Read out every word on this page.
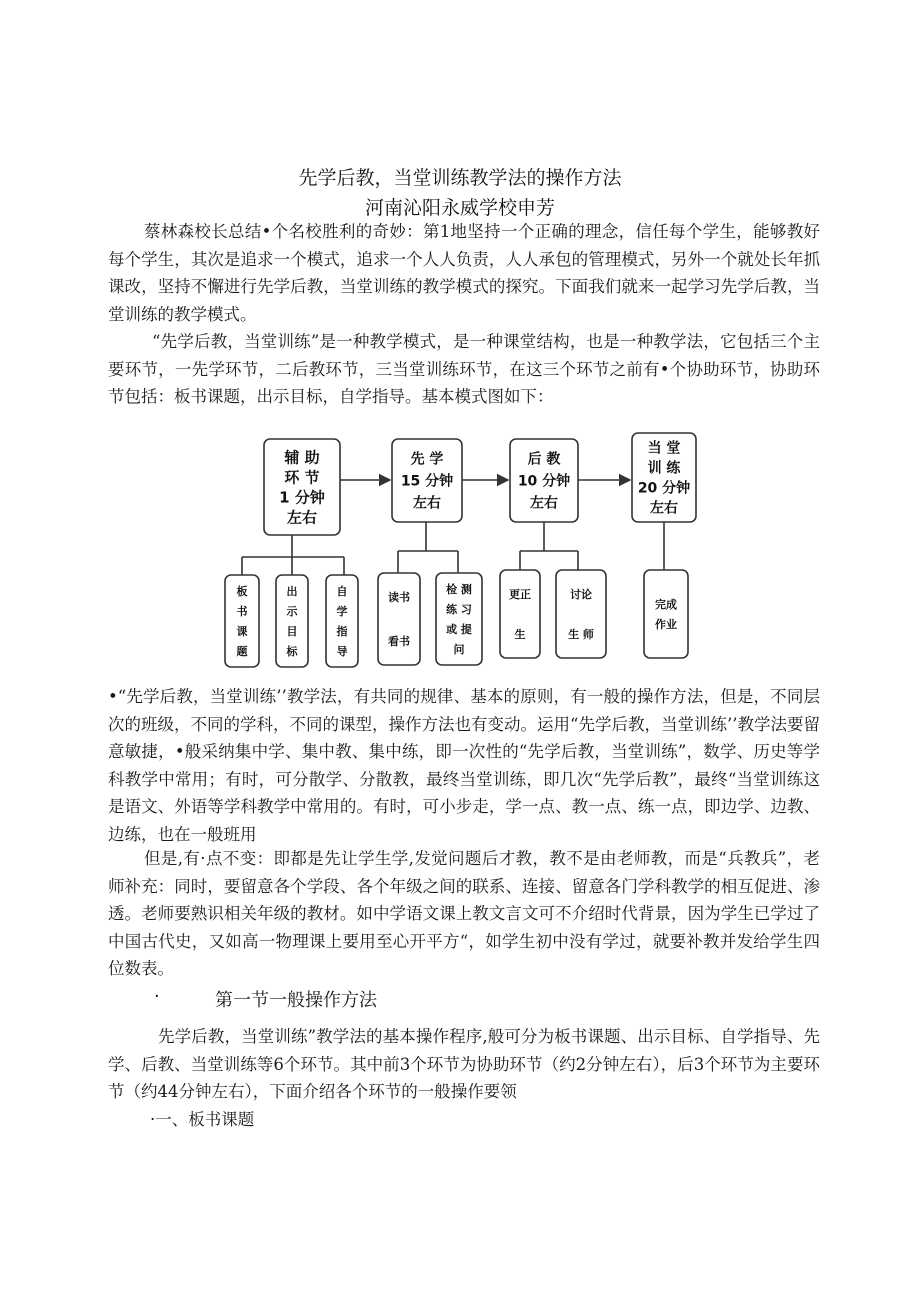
先学后教，当堂训练教学法的操作方法
河南沁阳永威学校申芳

蔡林森校长总结•个名校胜利的奇妙：第1地坚持一个正确的理念，信任每个学生，能够教好每个学生，其次是追求一个模式，追求一个人人负责，人人承包的管理模式，另外一个就处长年抓课改，坚持不懈进行先学后教，当堂训练的教学模式的探究。下面我们就来一起学习先学后教，当堂训练的教学模式。

“先学后教，当堂训练”是一种教学模式，是一种课堂结构，也是一种教学法，它包括三个主要环节，一先学环节，二后教环节，三当堂训练环节，在这三个环节之前有•个协助环节，协助环节包括：板书课题，出示目标，自学指导。基本模式图如下：

辅 助
环 节
1 分钟
左右
先 学
15 分钟
左右
后 教
10 分钟
左右
当 堂
训 练
20 分钟
左右
板
书
课
题
出
示
目
标
自
学
指
导
读书
看书
检 测
练 习
或 提
问
更正
生
讨论
生 师
完成
作业

•“先学后教，当堂训练’’教学法，有共同的规律、基本的原则，有一般的操作方法，但是，不同层次的班级，不同的学科，不同的课型，操作方法也有变动。运用“先学后教，当堂训练’’教学法要留意敏捷，•般采纳集中学、集中教、集中练，即一次性的“先学后教，当堂训练”，数学、历史等学科教学中常用；有时，可分散学、分散教，最终当堂训练，即几次“先学后教”，最终“当堂训练这是语文、外语等学科教学中常用的。有时，可小步走，学一点、教一点、练一点，即边学、边教、边练，也在一般班用

但是,有·点不变：即都是先让学生学,发觉问题后才教，教不是由老师教，而是“兵教兵”，老师补充：同时，要留意各个学段、各个年级之间的联系、连接、留意各门学科教学的相互促进、渗透。老师要熟识相关年级的教材。如中学语文课上教文言文可不介绍时代背景，因为学生已学过了中国古代史，又如高一物理课上要用至心开平方“，如学生初中没有学过，就要补教并发给学生四位数表。

·	第一节一般操作方法

先学后教，当堂训练”教学法的基本操作程序,般可分为板书课题、出示目标、自学指导、先学、后教、当堂训练等6个环节。其中前3个环节为协助环节（约2分钟左右），后3个环节为主要环节（约44分钟左右），下面介绍各个环节的一般操作要领

·一、板书课题
